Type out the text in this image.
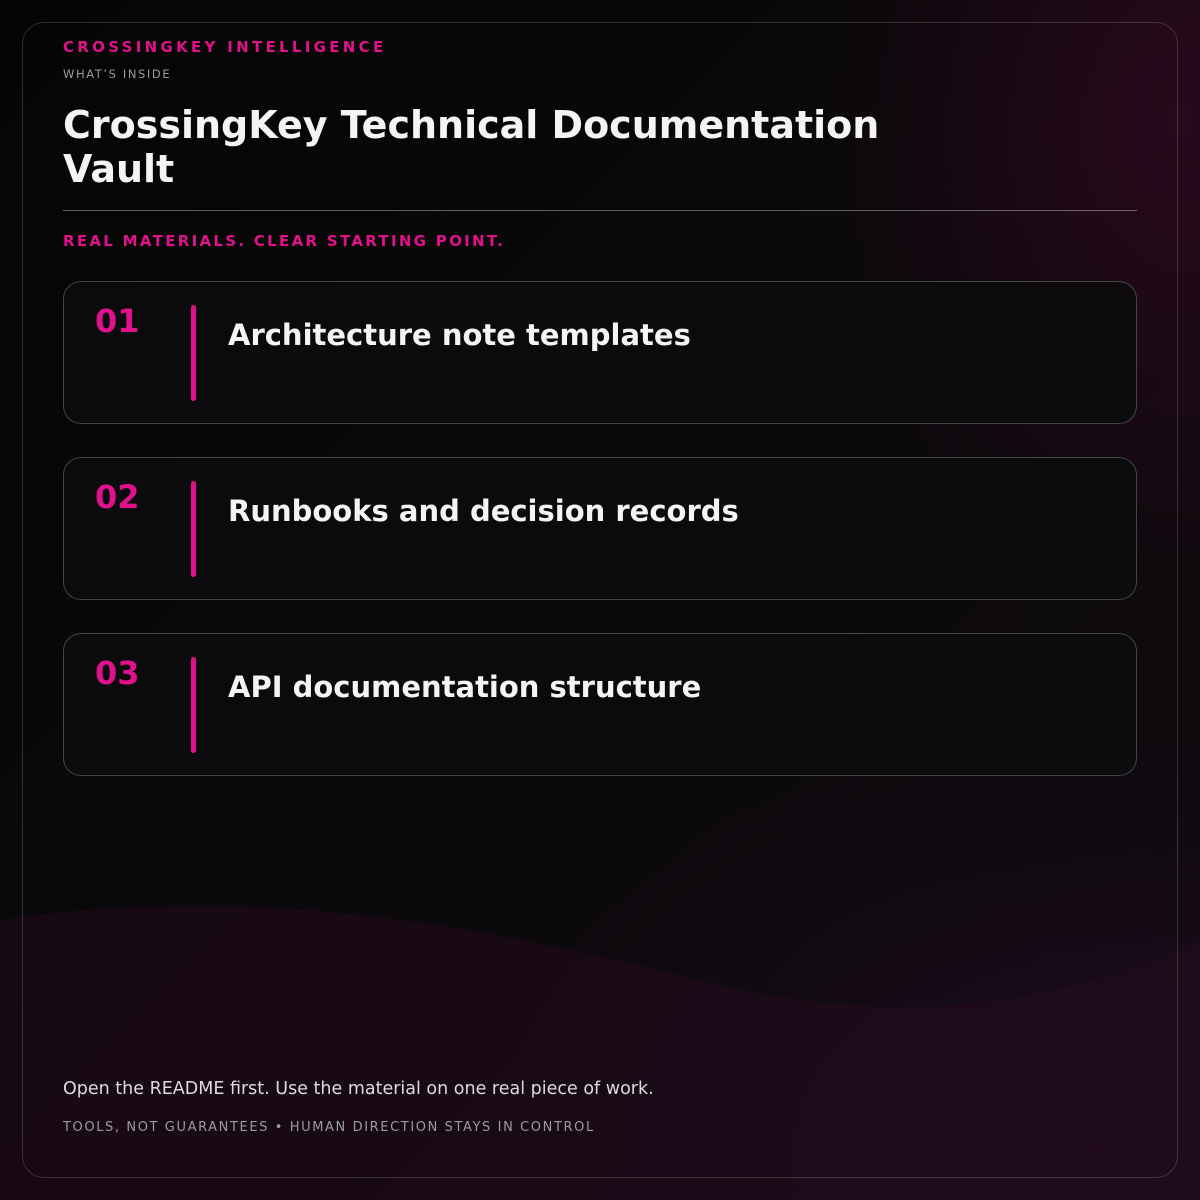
CROSSINGKEY INTELLIGENCE

WHAT’S INSIDE

CrossingKey Technical Documentation Vault

REAL MATERIALS. CLEAR STARTING POINT.

01	Architecture note templates
02	Runbooks and decision records
03	API documentation structure

Open the README first. Use the material on one real piece of work.

TOOLS, NOT GUARANTEES • HUMAN DIRECTION STAYS IN CONTROL
